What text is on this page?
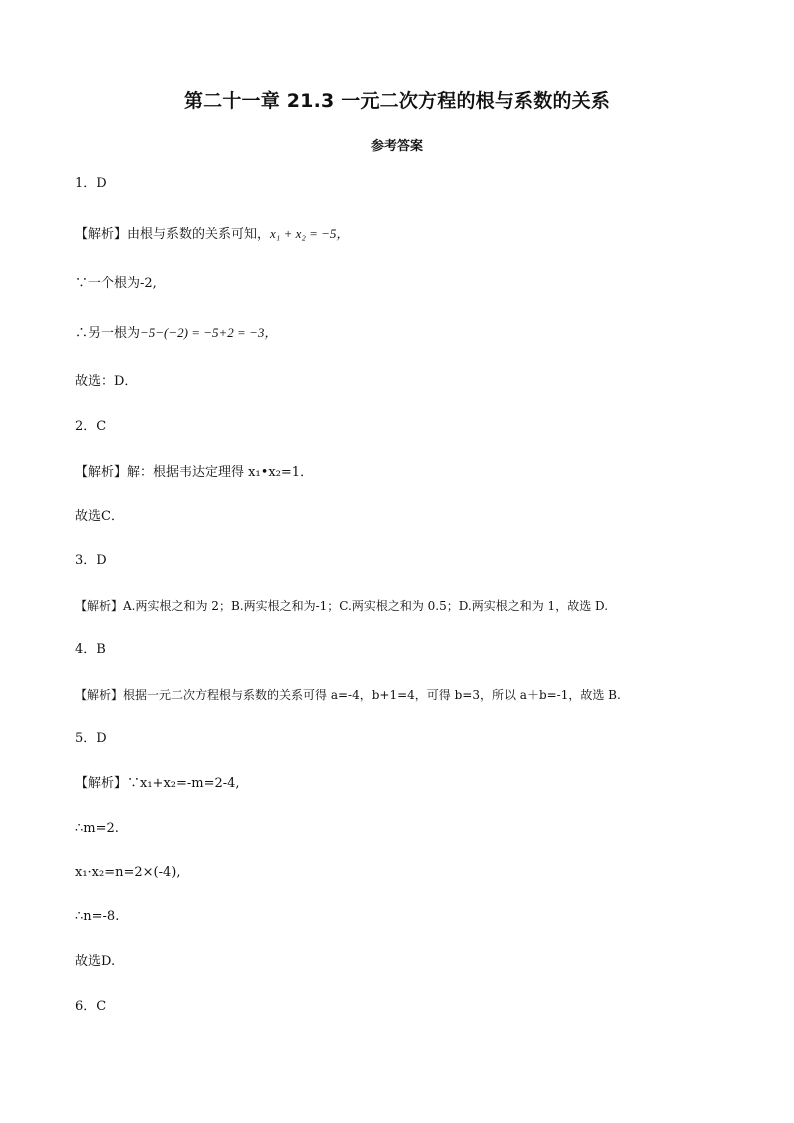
第二十一章 21.3 一元二次方程的根与系数的关系
参考答案
1．D
【解析】由根与系数的关系可知，x₁ + x₂ = −5，
∵一个根为-2,
∴另一根为−5−(−2) = −5+2 = −3，
故选：D．
2．C
【解析】解：根据韦达定理得 x₁•x₂=1．
故选C．
3．D
【解析】A.两实根之和为 2；B.两实根之和为-1；C.两实根之和为 0.5；D.两实根之和为 1，故选 D.
4．B
【解析】根据一元二次方程根与系数的关系可得 a=-4，b+1=4，可得 b=3，所以 a＋b=-1，故选 B.
5．D
【解析】∵x₁+x₂=-m=2-4,
∴m=2.
x₁·x₂=n=2×(-4),
∴n=-8.
故选D.
6．C
